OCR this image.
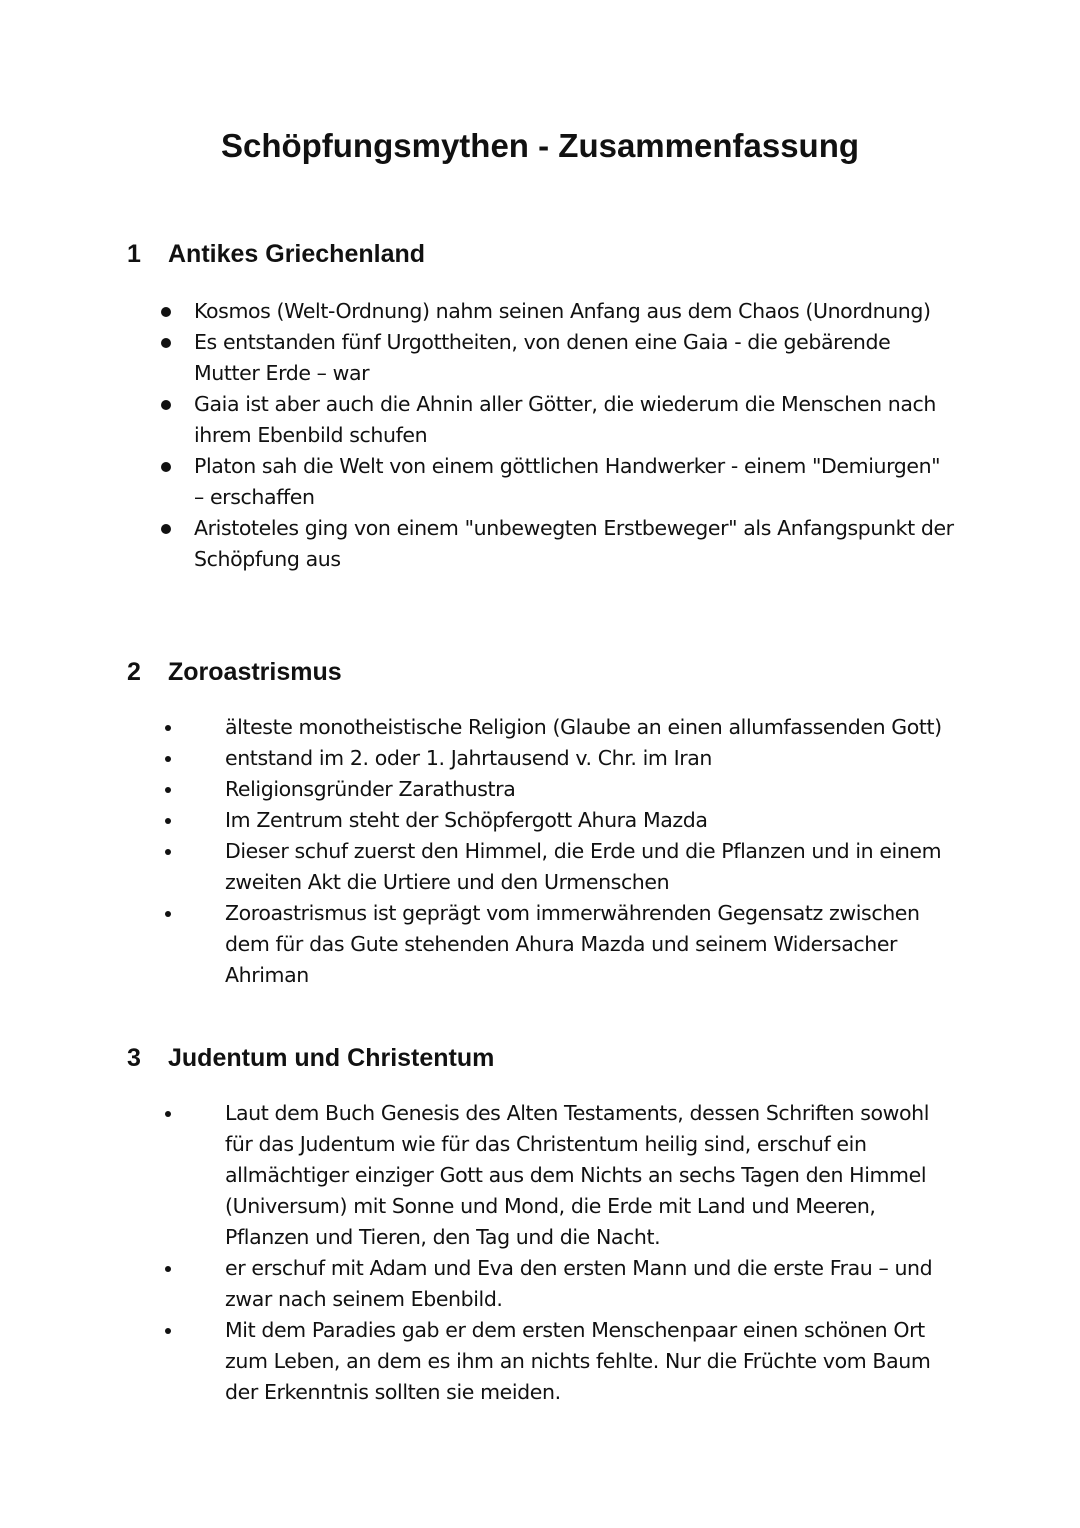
Schöpfungsmythen - Zusammenfassung
1 Antikes Griechenland
Kosmos (Welt-Ordnung) nahm seinen Anfang aus dem Chaos (Unordnung)
Es entstanden fünf Urgottheiten, von denen eine Gaia - die gebärende Mutter Erde – war
Gaia ist aber auch die Ahnin aller Götter, die wiederum die Menschen nach ihrem Ebenbild schufen
Platon sah die Welt von einem göttlichen Handwerker - einem "Demiurgen" – erschaffen
Aristoteles ging von einem "unbewegten Erstbeweger" als Anfangspunkt der Schöpfung aus
2 Zoroastrismus
älteste monotheistische Religion (Glaube an einen allumfassenden Gott)
entstand im 2. oder 1. Jahrtausend v. Chr. im Iran
Religionsgründer Zarathustra
Im Zentrum steht der Schöpfergott Ahura Mazda
Dieser schuf zuerst den Himmel, die Erde und die Pflanzen und in einem zweiten Akt die Urtiere und den Urmenschen
Zoroastrismus ist geprägt vom immerwährenden Gegensatz zwischen dem für das Gute stehenden Ahura Mazda und seinem Widersacher Ahriman
3 Judentum und Christentum
Laut dem Buch Genesis des Alten Testaments, dessen Schriften sowohl für das Judentum wie für das Christentum heilig sind, erschuf ein allmächtiger einziger Gott aus dem Nichts an sechs Tagen den Himmel (Universum) mit Sonne und Mond, die Erde mit Land und Meeren, Pflanzen und Tieren, den Tag und die Nacht.
er erschuf mit Adam und Eva den ersten Mann und die erste Frau – und zwar nach seinem Ebenbild.
Mit dem Paradies gab er dem ersten Menschenpaar einen schönen Ort zum Leben, an dem es ihm an nichts fehlte. Nur die Früchte vom Baum der Erkenntnis sollten sie meiden.
